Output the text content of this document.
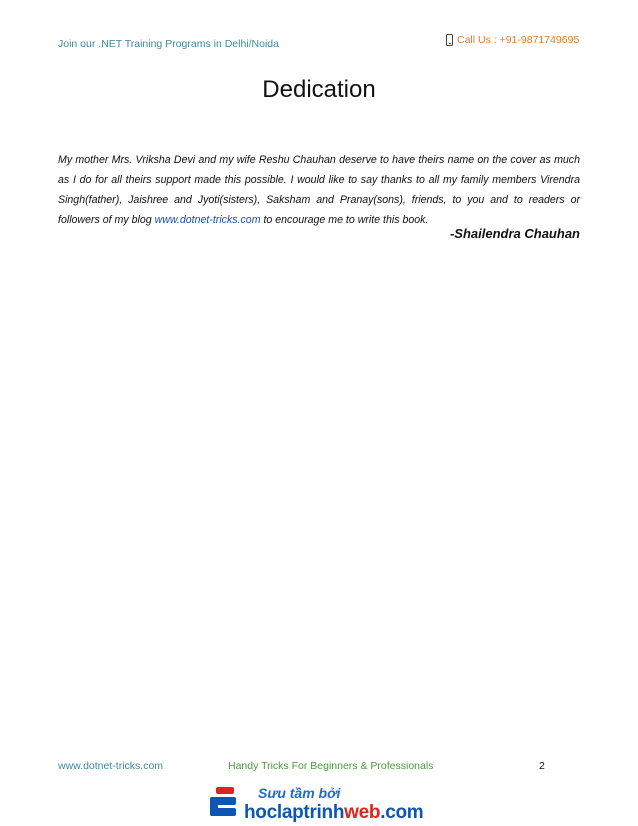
Join our .NET Training Programs in Delhi/Noida	Call Us : +91-9871749695
Dedication
My mother Mrs. Vriksha Devi and my wife Reshu Chauhan deserve to have theirs name on the cover as much as I do for all theirs support made this possible. I would like to say thanks to all my family members Virendra Singh(father), Jaishree and Jyoti(sisters), Saksham and Pranay(sons), friends, to you and to readers or followers of my blog www.dotnet-tricks.com to encourage me to write this book.
-Shailendra Chauhan
www.dotnet-tricks.com	Handy Tricks For Beginners & Professionals	2
Sưu tầm bởi
hoclaptrinhweb.com
